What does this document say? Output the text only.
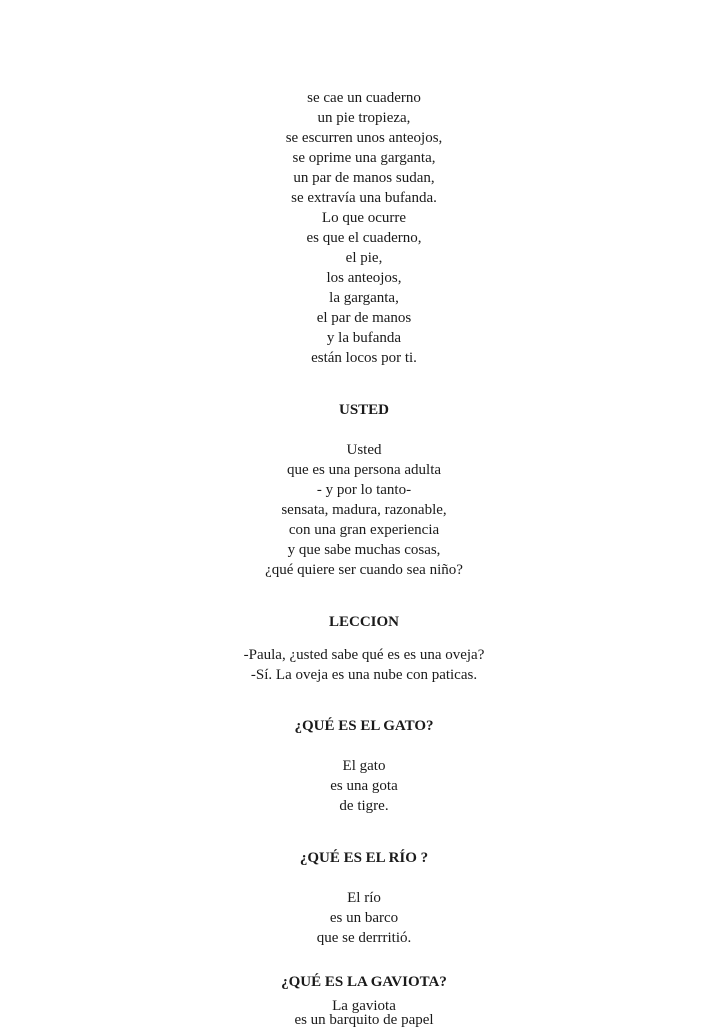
se cae un cuaderno
un pie tropieza,
se escurren unos anteojos,
se oprime una garganta,
un par de manos sudan,
se extravía una bufanda.
Lo que ocurre
es que el cuaderno,
el pie,
los anteojos,
la garganta,
el par de manos
y la bufanda
están locos por ti.
USTED
Usted
que es una persona adulta
- y por lo tanto-
sensata, madura, razonable,
con una gran experiencia
y que sabe muchas cosas,
¿qué quiere ser cuando sea niño?
LECCION
-Paula, ¿usted sabe qué es es una oveja?
-Sí. La oveja es una nube con paticas.
¿QUÉ ES EL GATO?
El gato
es una gota
de tigre.
¿QUÉ ES EL RÍO ?
El río
es un barco
que se derrritió.
¿QUÉ ES LA GAVIOTA?
La gaviota
es un barquito de papel
